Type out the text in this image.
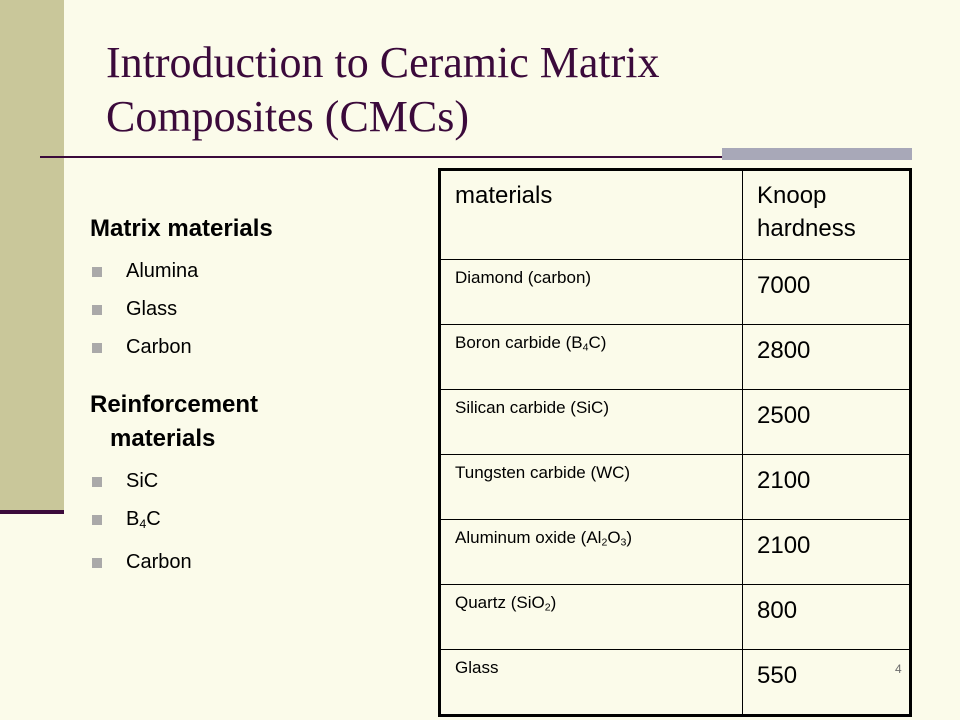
Introduction to Ceramic Matrix
Composites (CMCs)

Matrix materials

Alumina
Glass
Carbon

Reinforcement
materials

SiC
$B_4C$
Carbon
materials	Knoop
hardness
Diamond (carbon)	7000
Boron carbide $(B_4C)$	2800
Silican carbide (SiC)	2500
Tungsten carbide (WC)	2100
Aluminum oxide $(Al_2O_3)$	2100
Quartz (SiO$_2$)	800
Glass	550	4
